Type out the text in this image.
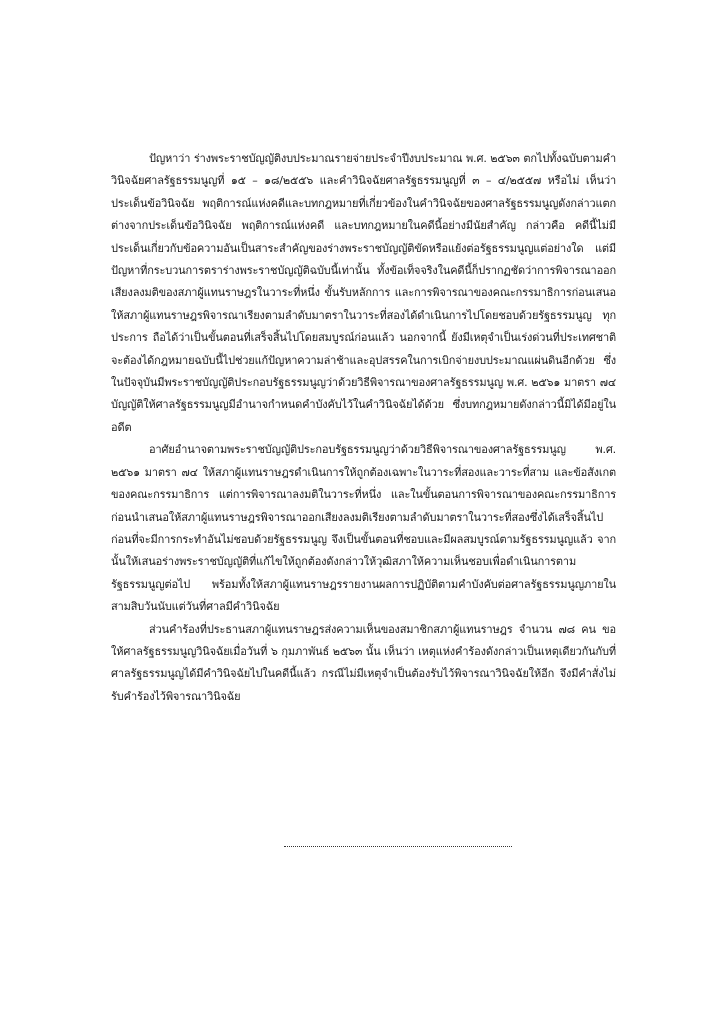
ปัญหาว่า ร่างพระราชบัญญัติงบประมาณรายจ่ายประจำปีงบประมาณ พ.ศ. ๒๕๖๓ ตกไปทั้งฉบับตามคำวินิจฉัยศาลรัฐธรรมนูญที่ ๑๕ – ๑๘/๒๕๕๖ และคำวินิจฉัยศาลรัฐธรรมนูญที่ ๓ – ๔/๒๕๕๗ หรือไม่ เห็นว่า ประเด็นข้อวินิจฉัย พฤติการณ์แห่งคดีและบทกฎหมายที่เกี่ยวข้องในคำวินิจฉัยของศาลรัฐธรรมนูญดังกล่าวแตกต่างจากประเด็นข้อวินิจฉัย พฤติการณ์แห่งคดี และบทกฎหมายในคดีนี้อย่างมีนัยสำคัญ กล่าวคือ คดีนี้ไม่มีประเด็นเกี่ยวกับข้อความอันเป็นสาระสำคัญของร่างพระราชบัญญัติขัดหรือแย้งต่อรัฐธรรมนูญแต่อย่างใด แต่มีปัญหาที่กระบวนการตราร่างพระราชบัญญัติฉบับนี้เท่านั้น ทั้งข้อเท็จจริงในคดีนี้ก็ปรากฏชัดว่าการพิจารณาออกเสียงลงมติของสภาผู้แทนราษฎรในวาระที่หนึ่ง ขั้นรับหลักการ และการพิจารณาของคณะกรรมาธิการก่อนเสนอให้สภาผู้แทนราษฎรพิจารณาเรียงตามลำดับมาตราในวาระที่สองได้ดำเนินการไปโดยชอบด้วยรัฐธรรมนูญ ทุกประการ ถือได้ว่าเป็นขั้นตอนที่เสร็จสิ้นไปโดยสมบูรณ์ก่อนแล้ว นอกจากนี้ ยังมีเหตุจำเป็นเร่งด่วนที่ประเทศชาติจะต้องได้กฎหมายฉบับนี้ไปช่วยแก้ปัญหาความล่าช้าและอุปสรรคในการเบิกจ่ายงบประมาณแผ่นดินอีกด้วย ซึ่งในปัจจุบันมีพระราชบัญญัติประกอบรัฐธรรมนูญว่าด้วยวิธีพิจารณาของศาลรัฐธรรมนูญ พ.ศ. ๒๕๖๑ มาตรา ๗๔ บัญญัติให้ศาลรัฐธรรมนูญมีอำนาจกำหนดคำบังคับไว้ในคำวินิจฉัยได้ด้วย ซึ่งบทกฎหมายดังกล่าวนี้มิได้มีอยู่ในอดีต

อาศัยอำนาจตามพระราชบัญญัติประกอบรัฐธรรมนูญว่าด้วยวิธีพิจารณาของศาลรัฐธรรมนูญ พ.ศ. ๒๕๖๑ มาตรา ๗๔ ให้สภาผู้แทนราษฎรดำเนินการให้ถูกต้องเฉพาะในวาระที่สองและวาระที่สาม และข้อสังเกตของคณะกรรมาธิการ แต่การพิจารณาลงมติในวาระที่หนึ่ง และในขั้นตอนการพิจารณาของคณะกรรมาธิการก่อนนำเสนอให้สภาผู้แทนราษฎรพิจารณาออกเสียงลงมติเรียงตามลำดับมาตราในวาระที่สองซึ่งได้เสร็จสิ้นไปก่อนที่จะมีการกระทำอันไม่ชอบด้วยรัฐธรรมนูญ จึงเป็นขั้นตอนที่ชอบและมีผลสมบูรณ์ตามรัฐธรรมนูญแล้ว จากนั้นให้เสนอร่างพระราชบัญญัติที่แก้ไขให้ถูกต้องดังกล่าวให้วุฒิสภาให้ความเห็นชอบเพื่อดำเนินการตามรัฐธรรมนูญต่อไป พร้อมทั้งให้สภาผู้แทนราษฎรรายงานผลการปฏิบัติตามคำบังคับต่อศาลรัฐธรรมนูญภายในสามสิบวันนับแต่วันที่ศาลมีคำวินิจฉัย

ส่วนคำร้องที่ประธานสภาผู้แทนราษฎรส่งความเห็นของสมาชิกสภาผู้แทนราษฎร จำนวน ๗๘ คน ขอให้ศาลรัฐธรรมนูญวินิจฉัยเมื่อวันที่ ๖ กุมภาพันธ์ ๒๕๖๓ นั้น เห็นว่า เหตุแห่งคำร้องดังกล่าวเป็นเหตุเดียวกันกับที่ศาลรัฐธรรมนูญได้มีคำวินิจฉัยไปในคดีนี้แล้ว กรณีไม่มีเหตุจำเป็นต้องรับไว้พิจารณาวินิจฉัยให้อีก จึงมีคำสั่งไม่รับคำร้องไว้พิจารณาวินิจฉัย
